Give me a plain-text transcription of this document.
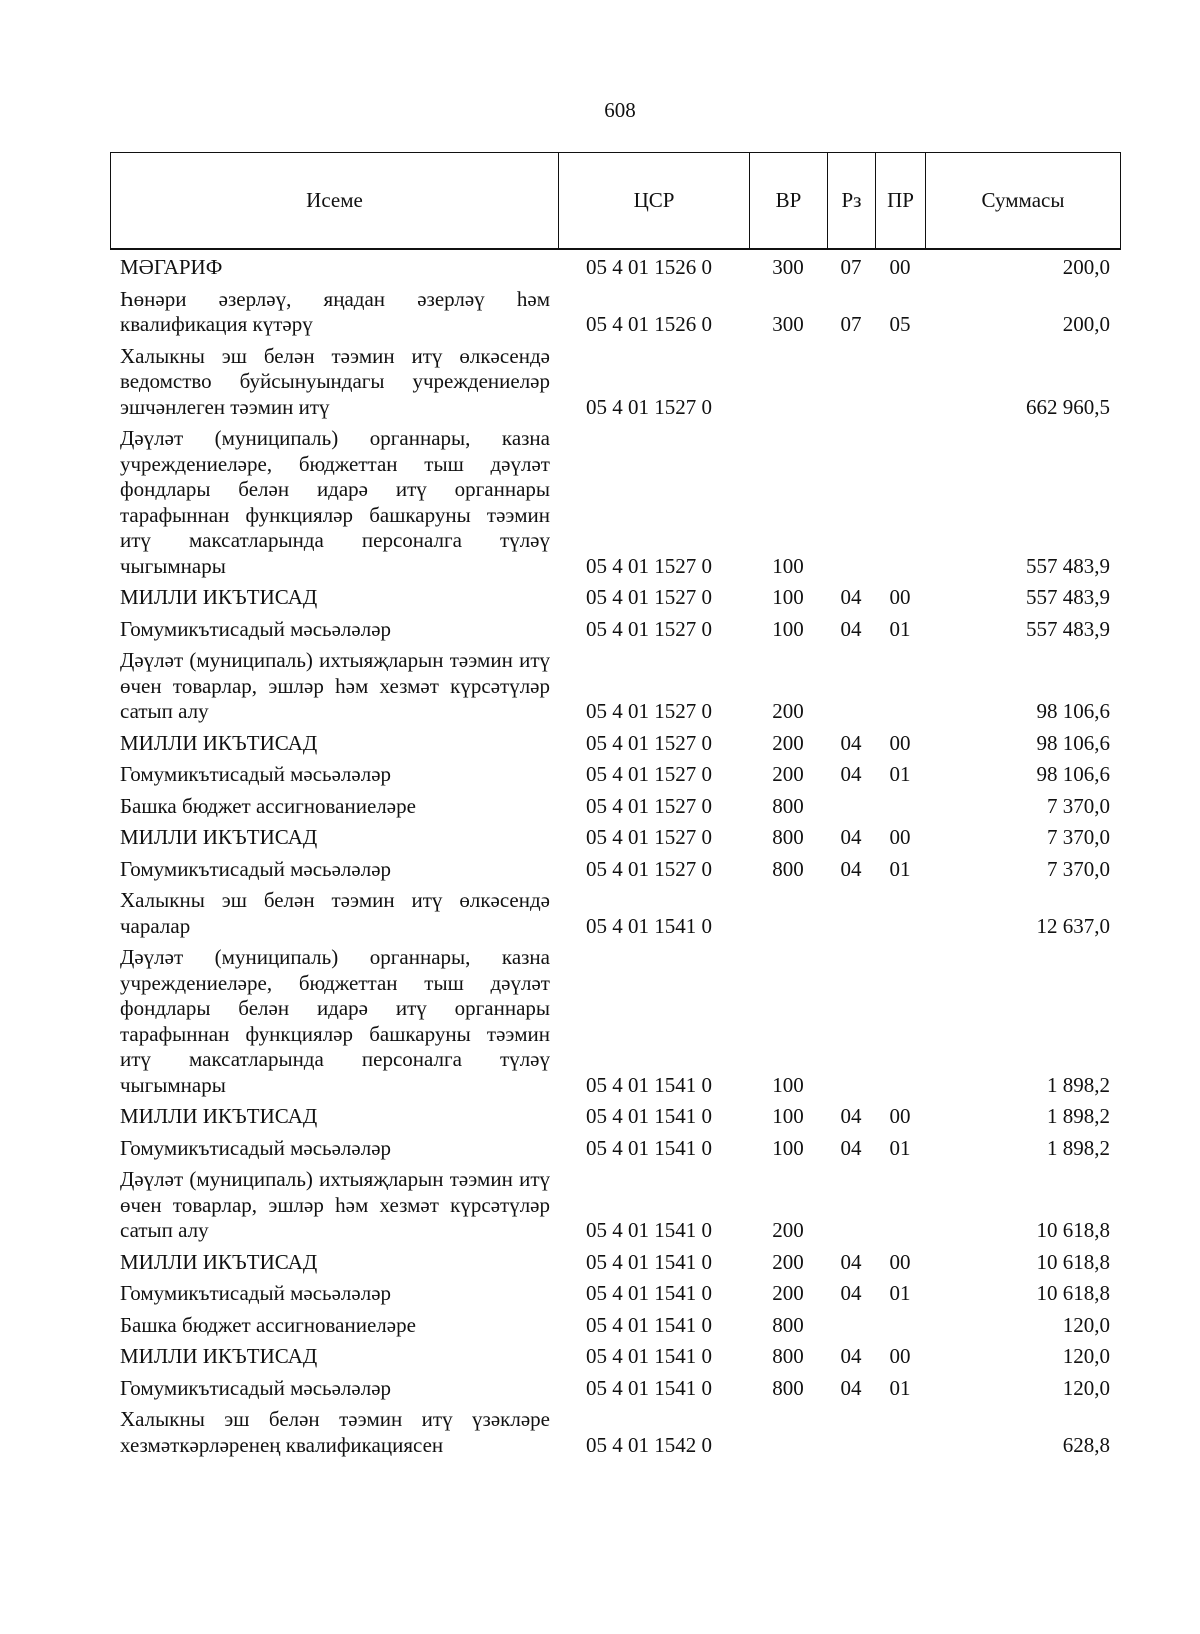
608
Исеме	ЦСР	ВР	Рз	ПР	Суммасы
МӘГАРИФ	05 4 01 1526 0	300	07	00	200,0
Һөнәри әзерләү, яңадан әзерләү һәм квалификация күтәрү	05 4 01 1526 0	300	07	05	200,0
Халыкны эш белән тәэмин итү өлкәсендә ведомство буйсынуындагы учреждениеләр эшчәнлеген тәэмин итү	05 4 01 1527 0				662 960,5
Дәүләт (муниципаль) органнары, казна учреждениеләре, бюджеттан тыш дәүләт фондлары белән идарә итү органнары тарафыннан функцияләр башкаруны тәэмин итү максатларында персоналга түләү чыгымнары	05 4 01 1527 0	100			557 483,9
МИЛЛИ ИКЪТИСАД	05 4 01 1527 0	100	04	00	557 483,9
Гомумикътисадый мәсьәләләр	05 4 01 1527 0	100	04	01	557 483,9
Дәүләт (муниципаль) ихтыяҗларын тәэмин итү өчен товарлар, эшләр һәм хезмәт күрсәтүләр сатып алу	05 4 01 1527 0	200			98 106,6
МИЛЛИ ИКЪТИСАД	05 4 01 1527 0	200	04	00	98 106,6
Гомумикътисадый мәсьәләләр	05 4 01 1527 0	200	04	01	98 106,6
Башка бюджет ассигнованиеләре	05 4 01 1527 0	800			7 370,0
МИЛЛИ ИКЪТИСАД	05 4 01 1527 0	800	04	00	7 370,0
Гомумикътисадый мәсьәләләр	05 4 01 1527 0	800	04	01	7 370,0
Халыкны эш белән тәэмин итү өлкәсендә чаралар	05 4 01 1541 0				12 637,0
Дәүләт (муниципаль) органнары, казна учреждениеләре, бюджеттан тыш дәүләт фондлары белән идарә итү органнары тарафыннан функцияләр башкаруны тәэмин итү максатларында персоналга түләү чыгымнары	05 4 01 1541 0	100			1 898,2
МИЛЛИ ИКЪТИСАД	05 4 01 1541 0	100	04	00	1 898,2
Гомумикътисадый мәсьәләләр	05 4 01 1541 0	100	04	01	1 898,2
Дәүләт (муниципаль) ихтыяҗларын тәэмин итү өчен товарлар, эшләр һәм хезмәт күрсәтүләр сатып алу	05 4 01 1541 0	200			10 618,8
МИЛЛИ ИКЪТИСАД	05 4 01 1541 0	200	04	00	10 618,8
Гомумикътисадый мәсьәләләр	05 4 01 1541 0	200	04	01	10 618,8
Башка бюджет ассигнованиеләре	05 4 01 1541 0	800			120,0
МИЛЛИ ИКЪТИСАД	05 4 01 1541 0	800	04	00	120,0
Гомумикътисадый мәсьәләләр	05 4 01 1541 0	800	04	01	120,0
Халыкны эш белән тәэмин итү үзәкләре хезмәткәрләренең квалификациясен	05 4 01 1542 0				628,8
